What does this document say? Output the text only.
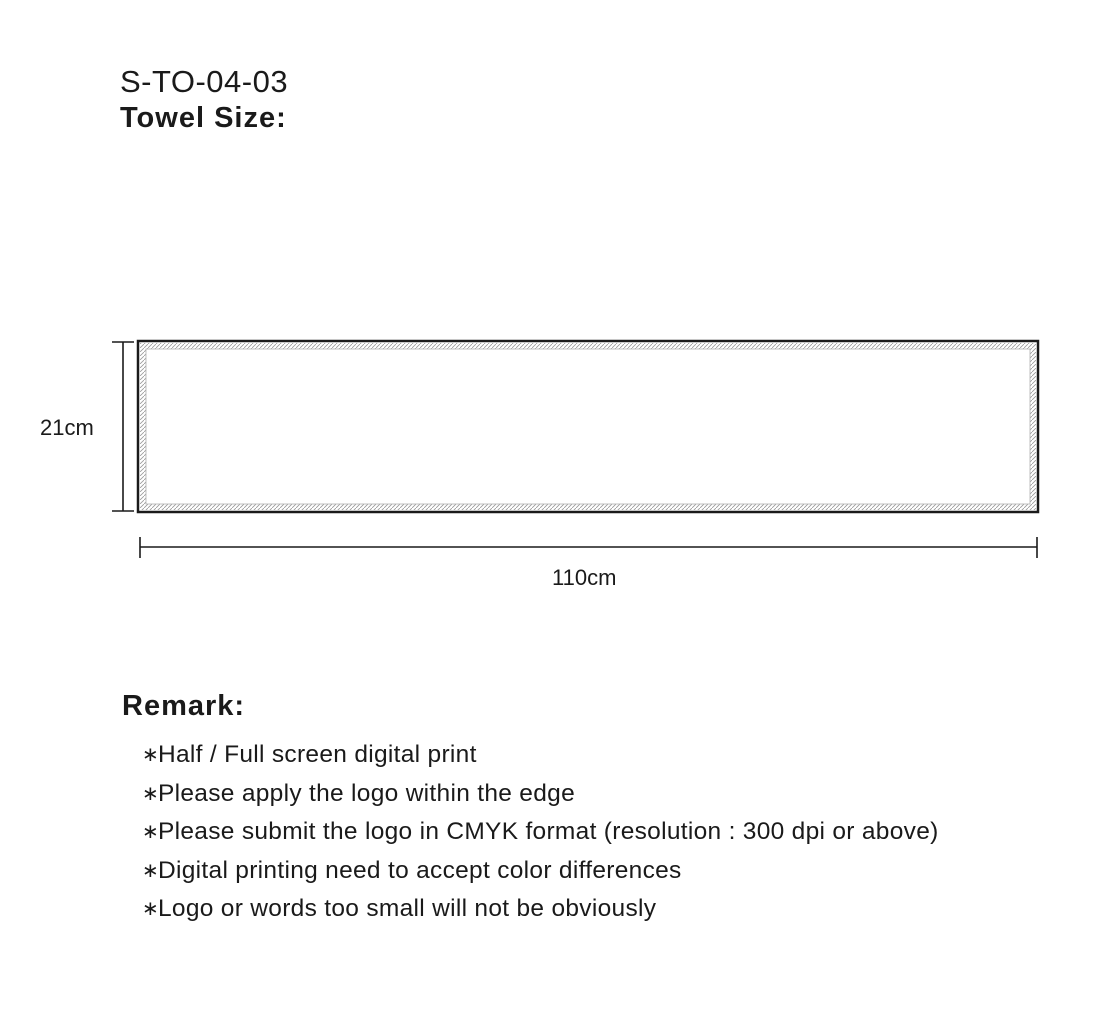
S-TO-04-03
Towel Size:
21cm
110cm
Remark:
∗Half / Full screen digital print
∗Please apply the logo within the edge
∗Please submit the logo in CMYK format (resolution : 300 dpi or above)
∗Digital printing need to accept color differences
∗Logo or words too small will not be obviously
